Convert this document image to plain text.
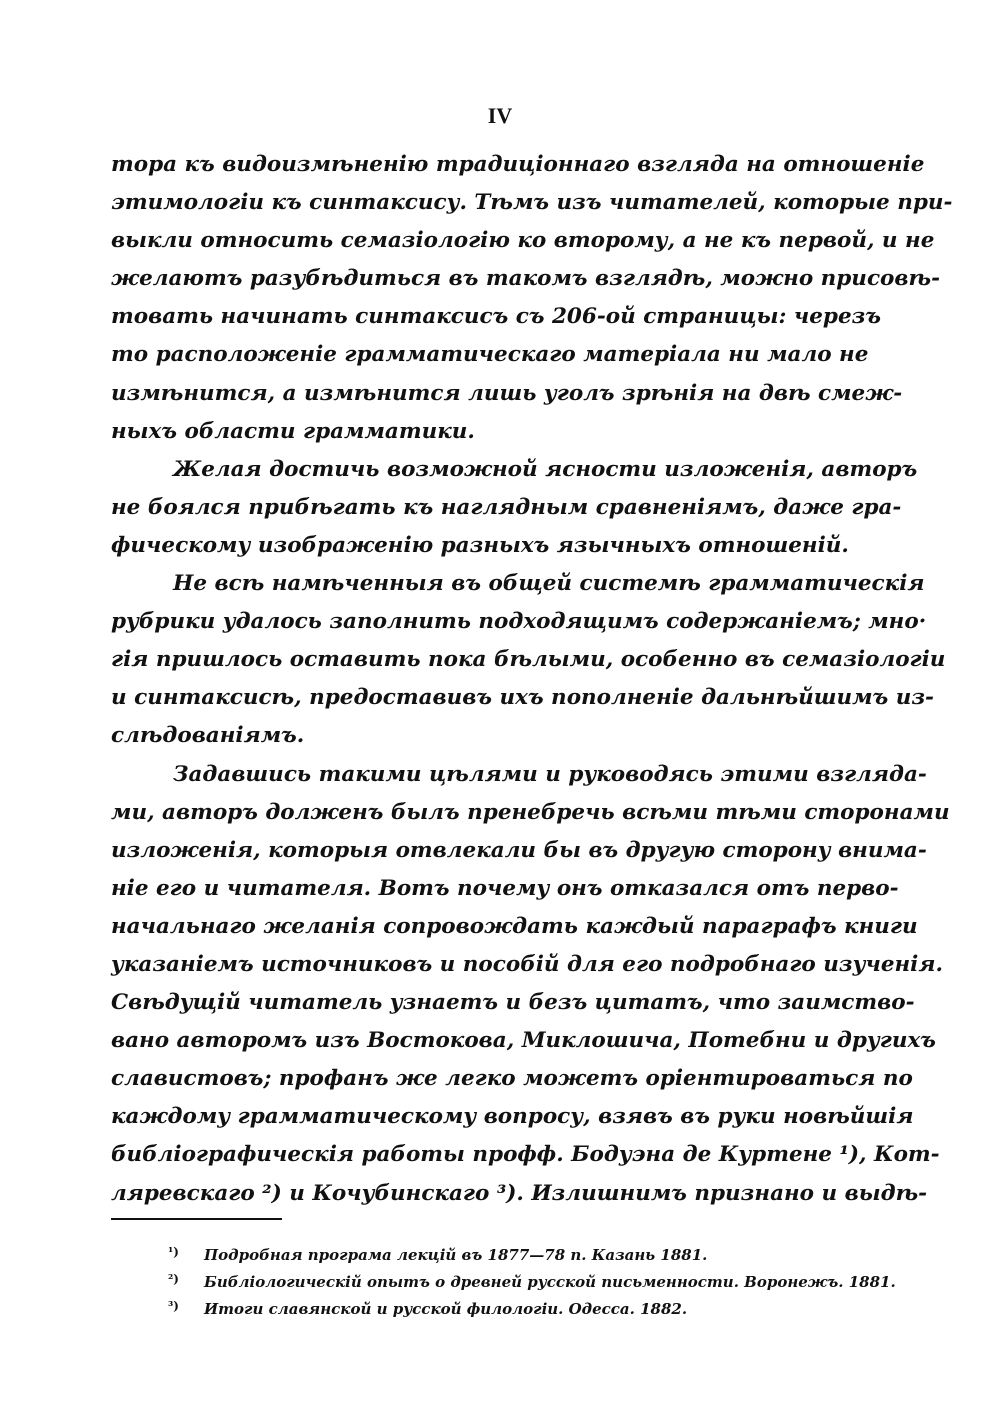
IV
тора къ видоизмѣненію традиціоннаго взгляда на отношеніе
этимологіи къ синтаксису. Тѣмъ изъ читателей, которые при-
выкли относить семазіологію ко второму, а не къ первой, и не
желаютъ разубѣдиться въ такомъ взглядѣ, можно присовѣ-
товать начинать синтаксисъ съ 206-ой страницы: черезъ
то расположеніе грамматическаго матеріала ни мало не
измѣнится, а измѣнится лишь уголъ зрѣнія на двѣ смеж-
ныхъ области грамматики.
Желая достичь возможной ясности изложенія, авторъ
не боялся прибѣгать къ наглядным сравненіямъ, даже гра-
фическому изображенію разныхъ язычныхъ отношеній.
Не всѣ намѣченныя въ общей системѣ грамматическія
рубрики удалось заполнить подходящимъ содержаніемъ; мно·
гія пришлось оставить пока бѣлыми, особенно въ семазіологіи
и синтаксисѣ, предоставивъ ихъ пополненіе дальнѣйшимъ из-
слѣдованіямъ.
Задавшись такими цѣлями и руководясь этими взгляда-
ми, авторъ долженъ былъ пренебречь всѣми тѣми сторонами
изложенія, которыя отвлекали бы въ другую сторону внима-
ніе его и читателя. Вотъ почему онъ отказался отъ перво-
начальнаго желанія сопровождать каждый параграфъ книги
указаніемъ источниковъ и пособій для его подробнаго изученія.
Свѣдущій читатель узнаетъ и безъ цитатъ, что заимство-
вано авторомъ изъ Востокова, Миклошича, Потебни и другихъ
славистовъ; профанъ же легко можетъ оріентироваться по
каждому грамматическому вопросу, взявъ въ руки новѣйшія
библіографическія работы профф. Бодуэна де Куртене ¹), Кот-
ляревскаго ²) и Кочубинскаго ³). Излишнимъ признано и выдѣ-
¹) Подробная програма лекцій въ 1877—78 п. Казань 1881.
²) Библіологическій опытъ о древней русской письменности. Воронежъ. 1881.
³) Итоги славянской и русской филологіи. Одесса. 1882.
